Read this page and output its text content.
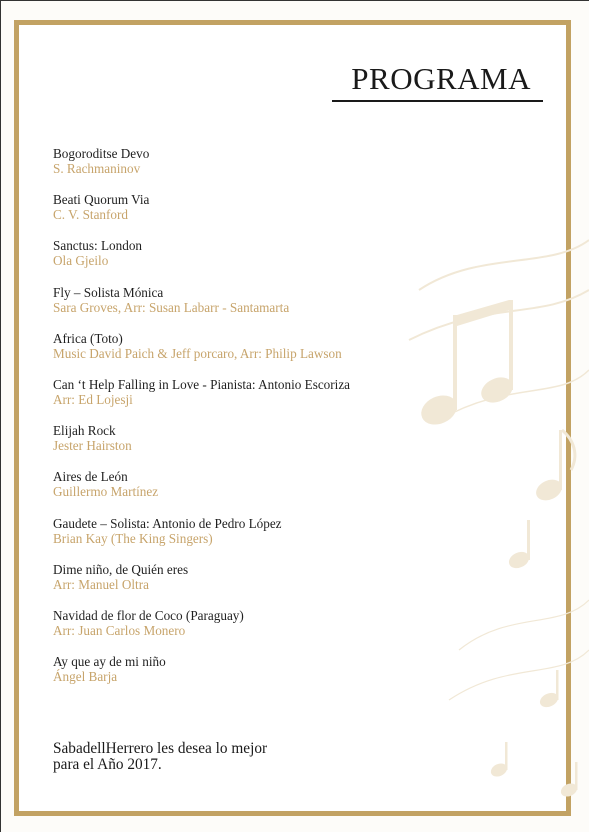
PROGRAMA
Bogoroditse Devo
S. Rachmaninov
Beati Quorum Via
C. V. Stanford
Sanctus: London
Ola Gjeilo
Fly – Solista Mónica
Sara Groves, Arr: Susan Labarr - Santamarta
Africa (Toto)
Music David Paich & Jeff porcaro, Arr: Philip Lawson
Can ‘t Help Falling in Love - Pianista: Antonio Escoriza
Arr: Ed Lojesji
Elijah Rock
Jester Hairston
Aires de León
Guillermo Martínez
Gaudete – Solista: Antonio de Pedro López
Brian Kay (The King Singers)
Dime niño, de Quién eres
Arr: Manuel Oltra
Navidad de flor de Coco (Paraguay)
Arr: Juan Carlos Monero
Ay que ay de mi niño
Ángel Barja
SabadellHerrero les desea lo mejor
para el Año 2017.
